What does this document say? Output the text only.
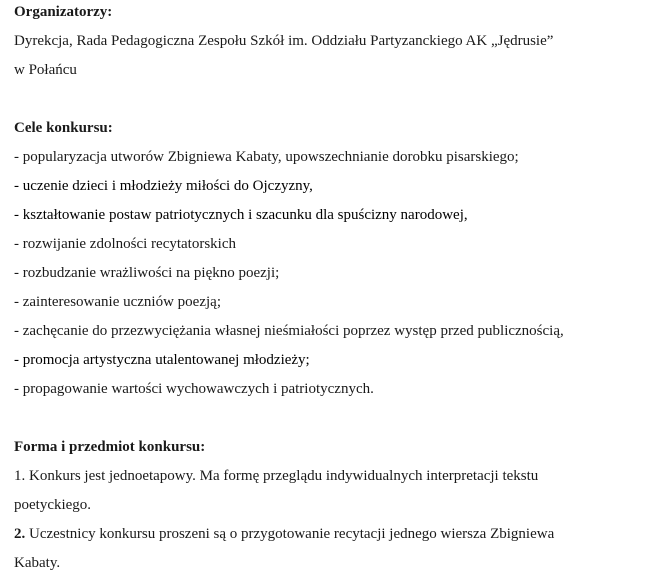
Organizatorzy:

Dyrekcja, Rada Pedagogiczna Zespołu Szkół im. Oddziału Partyzanckiego AK „Jędrusie”

w Połańcu

Cele konkursu:

- popularyzacja utworów Zbigniewa Kabaty, upowszechnianie dorobku pisarskiego;

- uczenie dzieci i młodzieży miłości do Ojczyzny,

- kształtowanie postaw patriotycznych i szacunku dla spuścizny narodowej,

- rozwijanie zdolności recytatorskich

- rozbudzanie wrażliwości na piękno poezji;

- zainteresowanie uczniów poezją;

- zachęcanie do przezwyciężania własnej nieśmiałości poprzez występ przed publicznością,

- promocja artystyczna utalentowanej młodzieży;

- propagowanie wartości wychowawczych i patriotycznych.

Forma i przedmiot konkursu:

1. Konkurs jest jednoetapowy. Ma formę przeglądu indywidualnych interpretacji tekstu

poetyckiego.

2. Uczestnicy konkursu proszeni są o przygotowanie recytacji jednego wiersza Zbigniewa

Kabaty.
